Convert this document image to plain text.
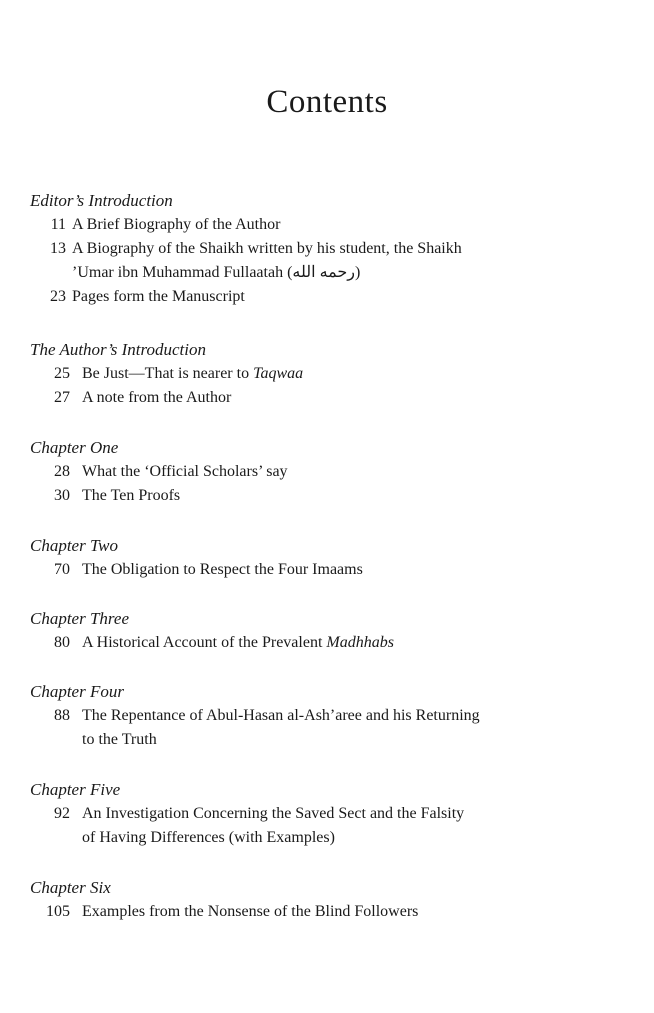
Contents
Editor’s Introduction
11 A Brief Biography of the Author
13 A Biography of the Shaikh written by his student, the Shaikh
’Umar ibn Muhammad Fullaatah (رحمه الله)
23 Pages form the Manuscript
The Author’s Introduction
25 Be Just—That is nearer to Taqwaa
27 A note from the Author
Chapter One
28 What the ‘Official Scholars’ say
30 The Ten Proofs
Chapter Two
70 The Obligation to Respect the Four Imaams
Chapter Three
80 A Historical Account of the Prevalent Madhhabs
Chapter Four
88 The Repentance of Abul-Hasan al-Ash’aree and his Returning
to the Truth
Chapter Five
92 An Investigation Concerning the Saved Sect and the Falsity
of Having Differences (with Examples)
Chapter Six
105 Examples from the Nonsense of the Blind Followers
